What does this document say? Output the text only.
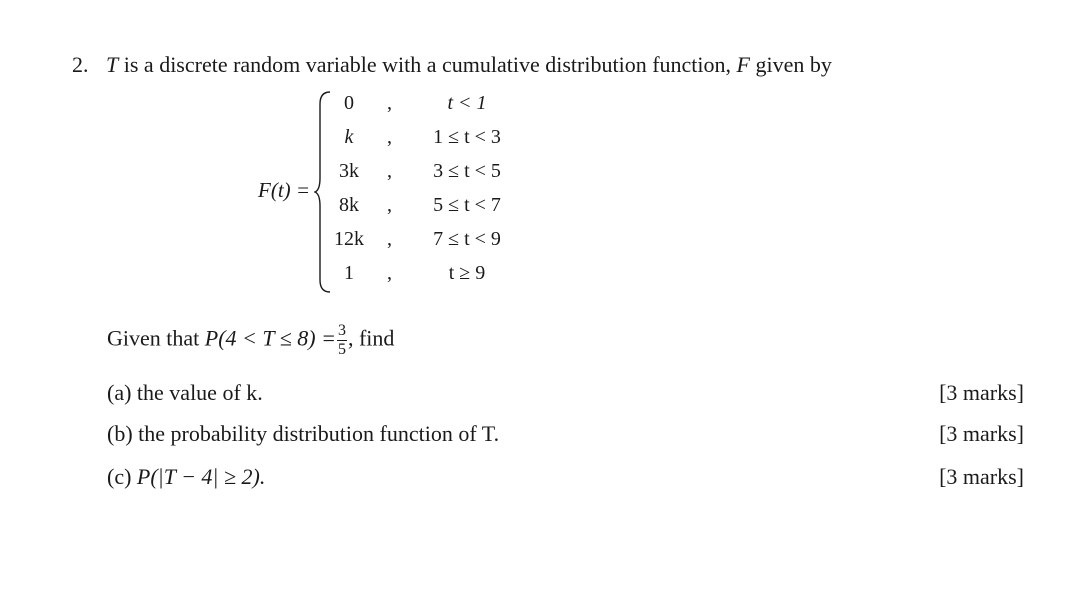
2. T is a discrete random variable with a cumulative distribution function, F given by
F(t) =
0	,	t < 1
k	,	1 ≤ t < 3
3k	,	3 ≤ t < 5
8k	,	5 ≤ t < 7
12k ,	7 ≤ t < 9
1	,	t ≥ 9
Given that $P(4 < T \le 8) = \frac{3}{5}$ , find
(a) the value of k.	[3 marks]
(b) the probability distribution function of T.	[3 marks]
(c) P(|T − 4| ≥ 2).	[3 marks]
